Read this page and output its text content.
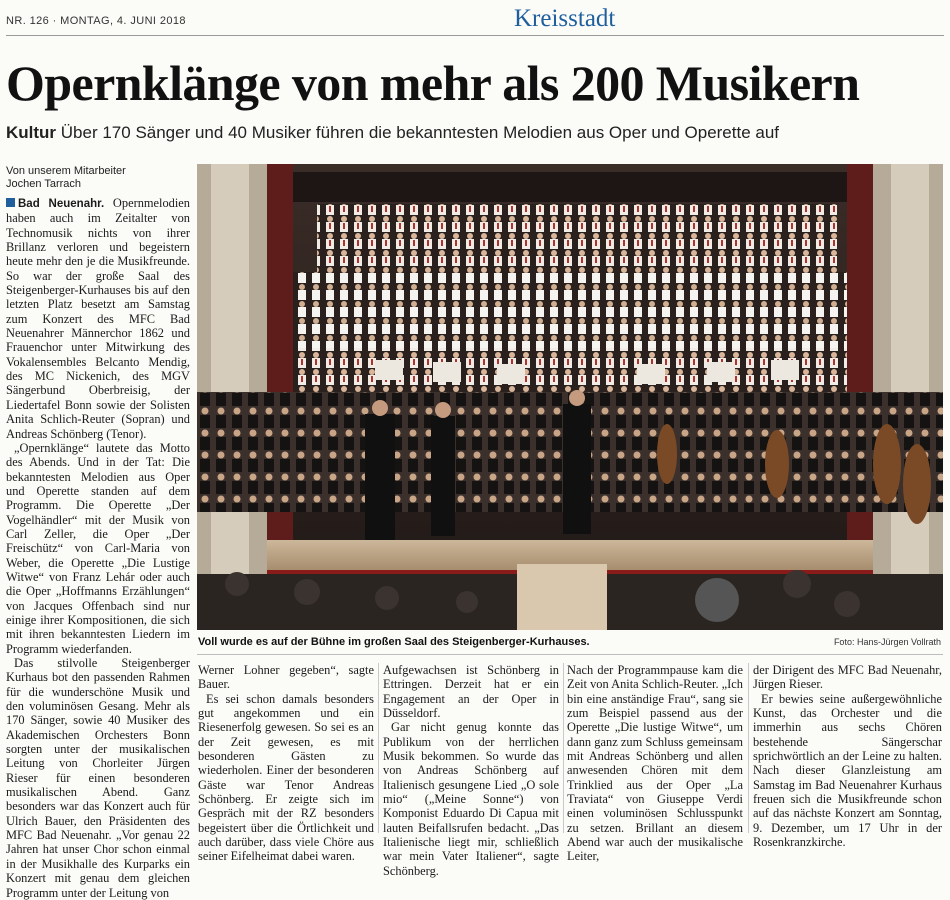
NR. 126 · MONTAG, 4. JUNI 2018	Kreisstadt
Opernklänge von mehr als 200 Musikern
Kultur Über 170 Sänger und 40 Musiker führen die bekanntesten Melodien aus Oper und Operette auf
Von unserem Mitarbeiter
Jochen Tarrach

Bad Neuenahr. Opernmelodien haben auch im Zeitalter von Technomusik nichts von ihrer Brillanz verloren und begeistern heute mehr den je die Musikfreunde. So war der große Saal des Steigenberger-Kurhauses bis auf den letzten Platz besetzt am Samstag zum Konzert des MFC Bad Neuenahrer Männerchor 1862 und Frauenchor unter Mitwirkung des Vokalensembles Belcanto Mendig, des MC Nickenich, des MGV Sängerbund Oberbreisig, der Liedertafel Bonn sowie der Solisten Anita Schlich-Reuter (Sopran) und Andreas Schönberg (Tenor).

„Opernklänge“ lautete das Motto des Abends. Und in der Tat: Die bekanntesten Melodien aus Oper und Operette standen auf dem Programm. Die Operette „Der Vogelhändler“ mit der Musik von Carl Zeller, die Oper „Der Freischütz“ von Carl-Maria von Weber, die Operette „Die Lustige Witwe“ von Franz Lehár oder auch die Oper „Hoffmanns Erzählungen“ von Jacques Offenbach sind nur einige ihrer Kompositionen, die sich mit ihren bekanntesten Liedern im Programm wiederfanden.

Das stilvolle Steigenberger Kurhaus bot den passenden Rahmen für die wunderschöne Musik und den voluminösen Gesang. Mehr als 170 Sänger, sowie 40 Musiker des Akademischen Orchesters Bonn sorgten unter der musikalischen Leitung von Chorleiter Jürgen Rieser für einen besonderen musikalischen Abend. Ganz besonders war das Konzert auch für Ulrich Bauer, den Präsidenten des MFC Bad Neuenahr. „Vor genau 22 Jahren hat unser Chor schon einmal in der Musikhalle des Kurparks ein Konzert mit genau dem gleichen Programm unter der Leitung von

Voll wurde es auf der Bühne im großen Saal des Steigenberger-Kurhauses.	Foto: Hans-Jürgen Vollrath

Werner Lohner gegeben“, sagte Bauer.

Es sei schon damals besonders gut angekommen und ein Riesenerfolg gewesen. So sei es an der Zeit gewesen, es mit besonderen Gästen zu wiederholen. Einer der besonderen Gäste war Tenor Andreas Schönberg. Er zeigte sich im Gespräch mit der RZ besonders begeistert über die Örtlichkeit und auch darüber, dass viele Chöre aus seiner Eifelheimat dabei waren.

Aufgewachsen ist Schönberg in Ettringen. Derzeit hat er ein Engagement an der Oper in Düsseldorf.

Gar nicht genug konnte das Publikum von der herrlichen Musik bekommen. So wurde das von Andreas Schönberg auf Italienisch gesungene Lied „O sole mio“ („Meine Sonne“) von Komponist Eduardo Di Capua mit lauten Beifallsrufen bedacht. „Das Italienische liegt mir, schließlich war mein Vater Italiener“, sagte Schönberg.

Nach der Programmpause kam die Zeit von Anita Schlich-Reuter. „Ich bin eine anständige Frau“, sang sie zum Beispiel passend aus der Operette „Die lustige Witwe“, um dann ganz zum Schluss gemeinsam mit Andreas Schönberg und allen anwesenden Chören mit dem Trinklied aus der Oper „La Traviata“ von Giuseppe Verdi einen voluminösen Schlusspunkt zu setzen. Brillant an diesem Abend war auch der musikalische Leiter,

der Dirigent des MFC Bad Neuenahr, Jürgen Rieser.

Er bewies seine außergewöhnliche Kunst, das Orchester und die immerhin aus sechs Chören bestehende Sängerschar sprichwörtlich an der Leine zu halten. Nach dieser Glanzleistung am Samstag im Bad Neuenahrer Kurhaus freuen sich die Musikfreunde schon auf das nächste Konzert am Sonntag, 9. Dezember, um 17 Uhr in der Rosenkranzkirche.
